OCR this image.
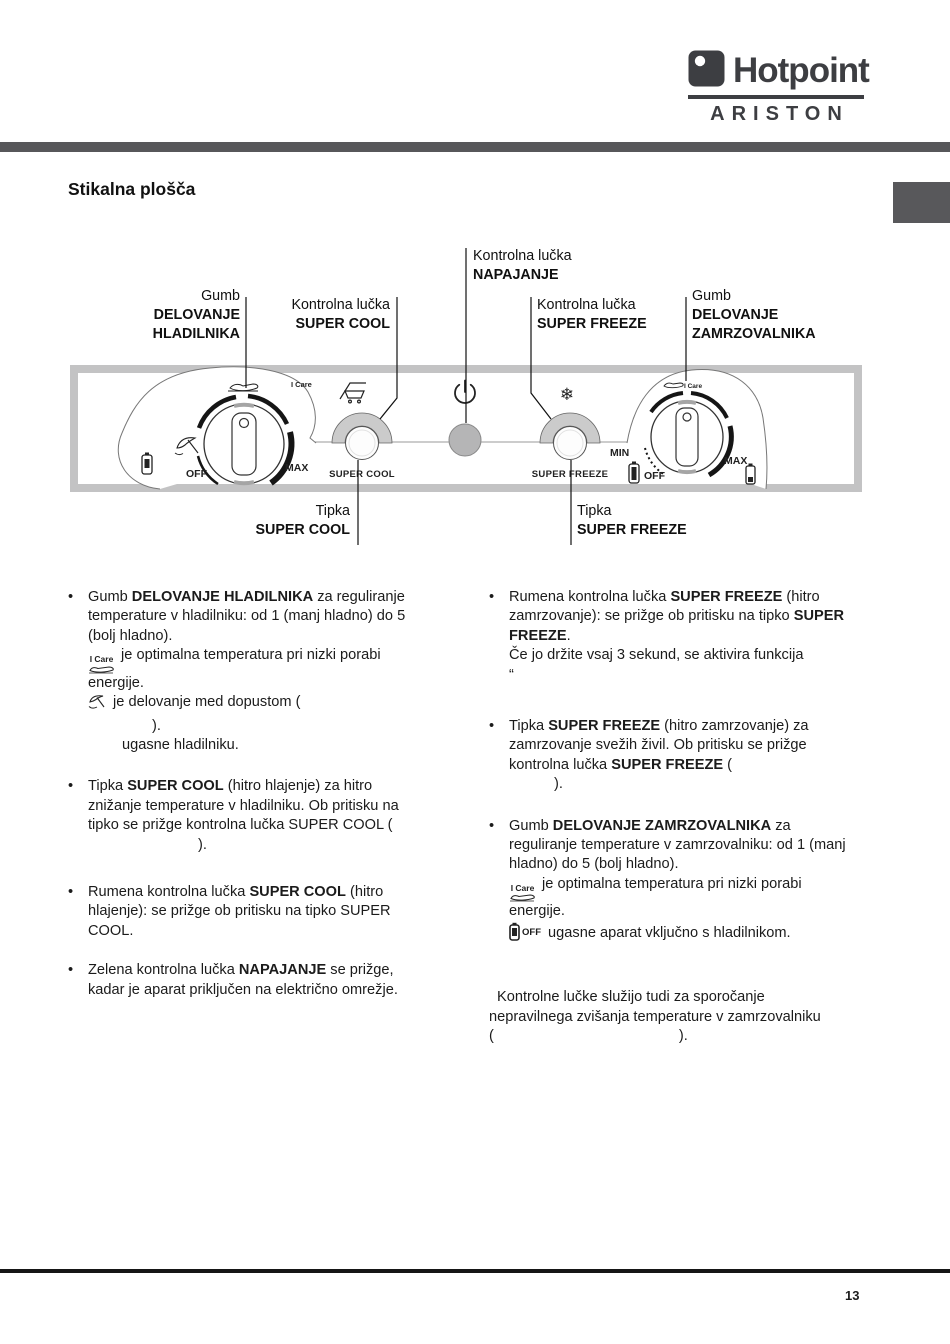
Hotpoint
ARISTON
Stikalna plošča
Kontrolna lučka
NAPAJANJE
Gumb
DELOVANJE
HLADILNIKA
Kontrolna lučka
SUPER COOL
Kontrolna lučka
SUPER FREEZE
Gumb
DELOVANJE
ZAMRZOVALNIKA
Tipka
SUPER COOL
Tipka
SUPER FREEZE
I Care
OFF	MAX
SUPER COOL
❄
SUPER FREEZE
I Care
MIN
OFF
MAX
•	Gumb DELOVANJE HLADILNIKA za reguliranje
temperature v hladilniku: od 1 (manj hladno) do 5
(bolj hladno).
I Care je optimalna temperatura pri nizki porabi
energije.
je delovanje med dopustom (
).
ugasne hladilniku.
•	Tipka SUPER COOL (hitro hlajenje) za hitro
znižanje temperature v hladilniku. Ob pritisku na
tipko se prižge kontrolna lučka SUPER COOL (
).
•	Rumena kontrolna lučka SUPER COOL (hitro
hlajenje): se prižge ob pritisku na tipko SUPER
COOL.
•	Zelena kontrolna lučka NAPAJANJE se prižge,
kadar je aparat priključen na električno omrežje.
•	Rumena kontrolna lučka SUPER FREEZE (hitro
zamrzovanje): se prižge ob pritisku na tipko SUPER
FREEZE.
Če jo držite vsaj 3 sekund, se aktivira funkcija
“
•	Tipka SUPER FREEZE (hitro zamrzovanje) za
zamrzovanje svežih živil. Ob pritisku se prižge
kontrolna lučka SUPER FREEZE (
).
•	Gumb DELOVANJE ZAMRZOVALNIKA za
reguliranje temperature v zamrzovalniku: od 1 (manj
hladno) do 5 (bolj hladno).
I Care je optimalna temperatura pri nizki porabi
energije.
$^{OFF}$ ugasne aparat vključno s hladilnikom.
Kontrolne lučke služijo tudi za sporočanje
nepravilnega zvišanja temperature v zamrzovalniku
(	).
13
